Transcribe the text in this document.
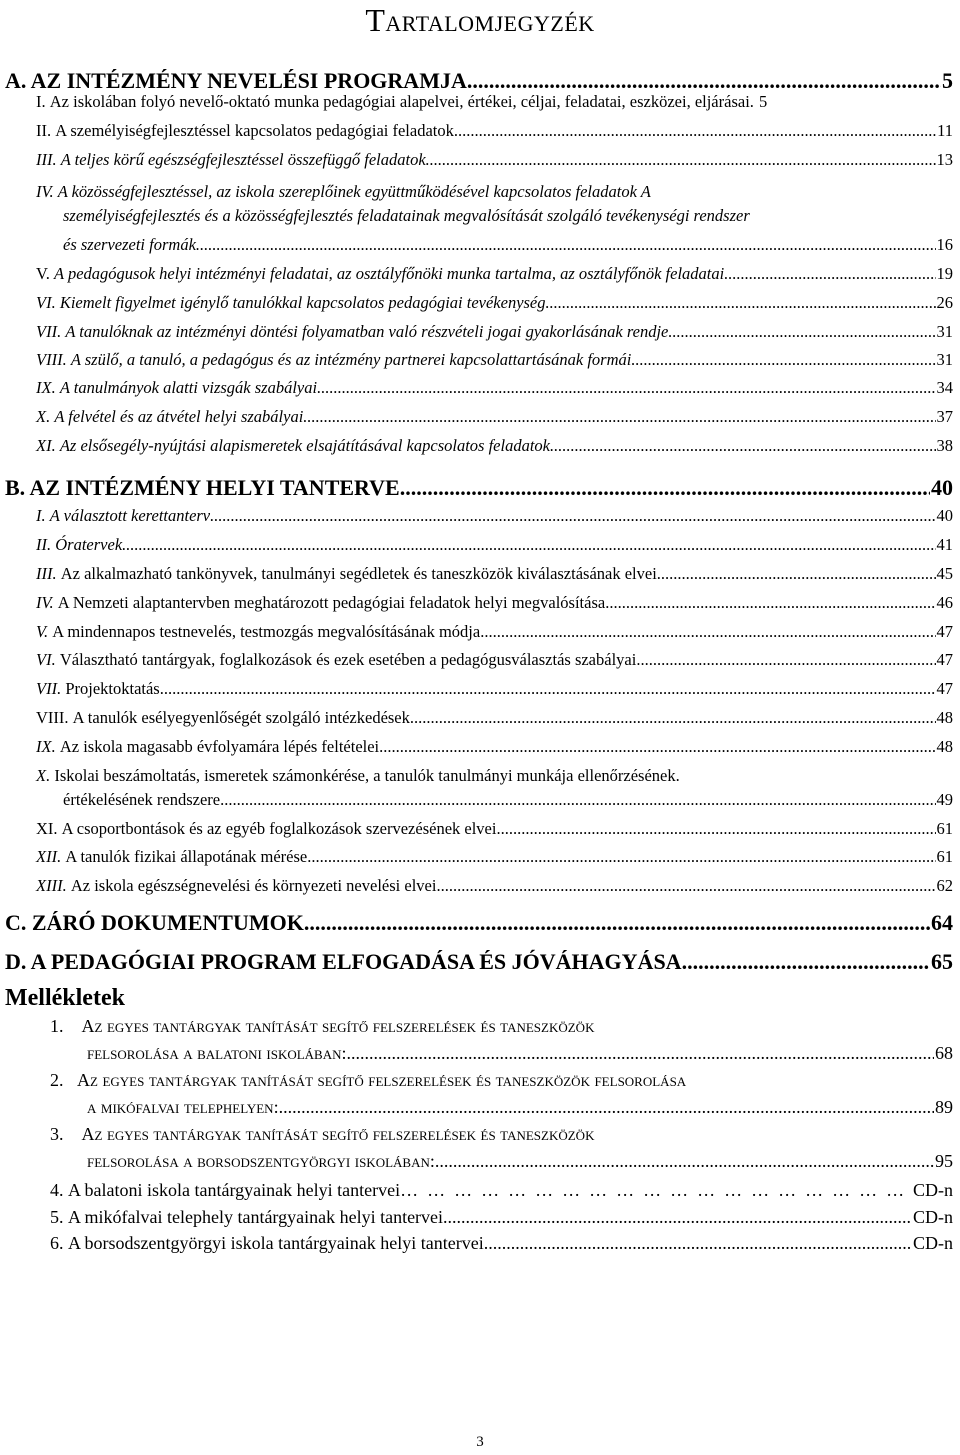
Tartalomjegyzék
A. AZ INTÉZMÉNY NEVELÉSI PROGRAMJA .....	5
I.
Az iskolában folyó nevelő-oktató munka pedagógiai alapelvei, értékei, céljai, feladatai, eszközei, eljárásai.
5
II.
A személyiségfejlesztéssel kapcsolatos pedagógiai feladatok .....	11
III.
A teljes körű egészségfejlesztéssel összefüggő feladatok .....	13
IV.
A közösségfejlesztéssel, az iskola szereplőinek együttműködésével kapcsolatos feladatok A
személyiségfejlesztés és a közösségfejlesztés feladatainak megvalósítását szolgáló tevékenységi rendszer
és szervezeti formák .....	16
V.
A pedagógusok helyi intézményi feladatai, az osztályfőnöki munka tartalma, az osztályfőnök feladatai .....	19
VI.
Kiemelt figyelmet igénylő tanulókkal kapcsolatos pedagógiai tevékenység .....	26
VII.
A tanulóknak az intézményi döntési folyamatban való részvételi jogai gyakorlásának rendje .....	31
VIII.
A szülő, a tanuló, a pedagógus és az intézmény partnerei kapcsolattartásának formái .....	31
IX.
A tanulmányok alatti vizsgák szabályai .....	34
X.
A felvétel és az átvétel helyi szabályai .....	37
XI.
Az elsősegély-nyújtási alapismeretek elsajátításával kapcsolatos feladatok .....	38
B. AZ INTÉZMÉNY HELYI TANTERVE .....	40
I.
A választott kerettanterv .....	40
II.
Óratervek .....	41
III.
Az alkalmazható tankönyvek, tanulmányi segédletek és taneszközök kiválasztásának elvei .....	45
IV.
A Nemzeti alaptantervben meghatározott pedagógiai feladatok helyi megvalósítása .....	46
V.
A mindennapos testnevelés, testmozgás megvalósításának módja .....	47
VI.
Választható tantárgyak, foglalkozások és ezek esetében a pedagógusválasztás szabályai .....	47
VII.
Projektoktatás .....	47
VIII.
A tanulók esélyegyenlőségét szolgáló intézkedések .....	48
IX.
Az iskola magasabb évfolyamára lépés feltételei .....	48
X.
Iskolai beszámoltatás, ismeretek számonkérése, a tanulók tanulmányi munkája ellenőrzésének.
értékelésének rendszere .....	49
XI.
A csoportbontások és az egyéb foglalkozások szervezésének elvei .....	61
XII.
A tanulók fizikai állapotának mérése .....	61
XIII.
Az iskola egészségnevelési és környezeti nevelési elvei .....	62
C. ZÁRÓ DOKUMENTUMOK .....	64
D. A PEDAGÓGIAI PROGRAM ELFOGADÁSA ÉS JÓVÁHAGYÁSA .....	65
Mellékletek
1.
Az egyes tantárgyak tanítását segítő felszerelések és taneszközök
felsorolása a balatoni iskolában: .....	68
2.
Az egyes tantárgyak tanítását segítő felszerelések és taneszközök felsorolása
a mikófalvai telephelyen: .....	89
3.
Az egyes tantárgyak tanítását segítő felszerelések és taneszközök
felsorolása a borsodszentgyörgyi iskolában: .....	95
4.
A balatoni iskola tantárgyainak helyi tantervei … … … … … … … … … … … … … … … … … … … … … …	CD-n
5.
A mikófalvai telephely tantárgyainak helyi tantervei .....	CD-n
6.
A borsodszentgyörgyi iskola tantárgyainak helyi tantervei .....	CD-n
3
